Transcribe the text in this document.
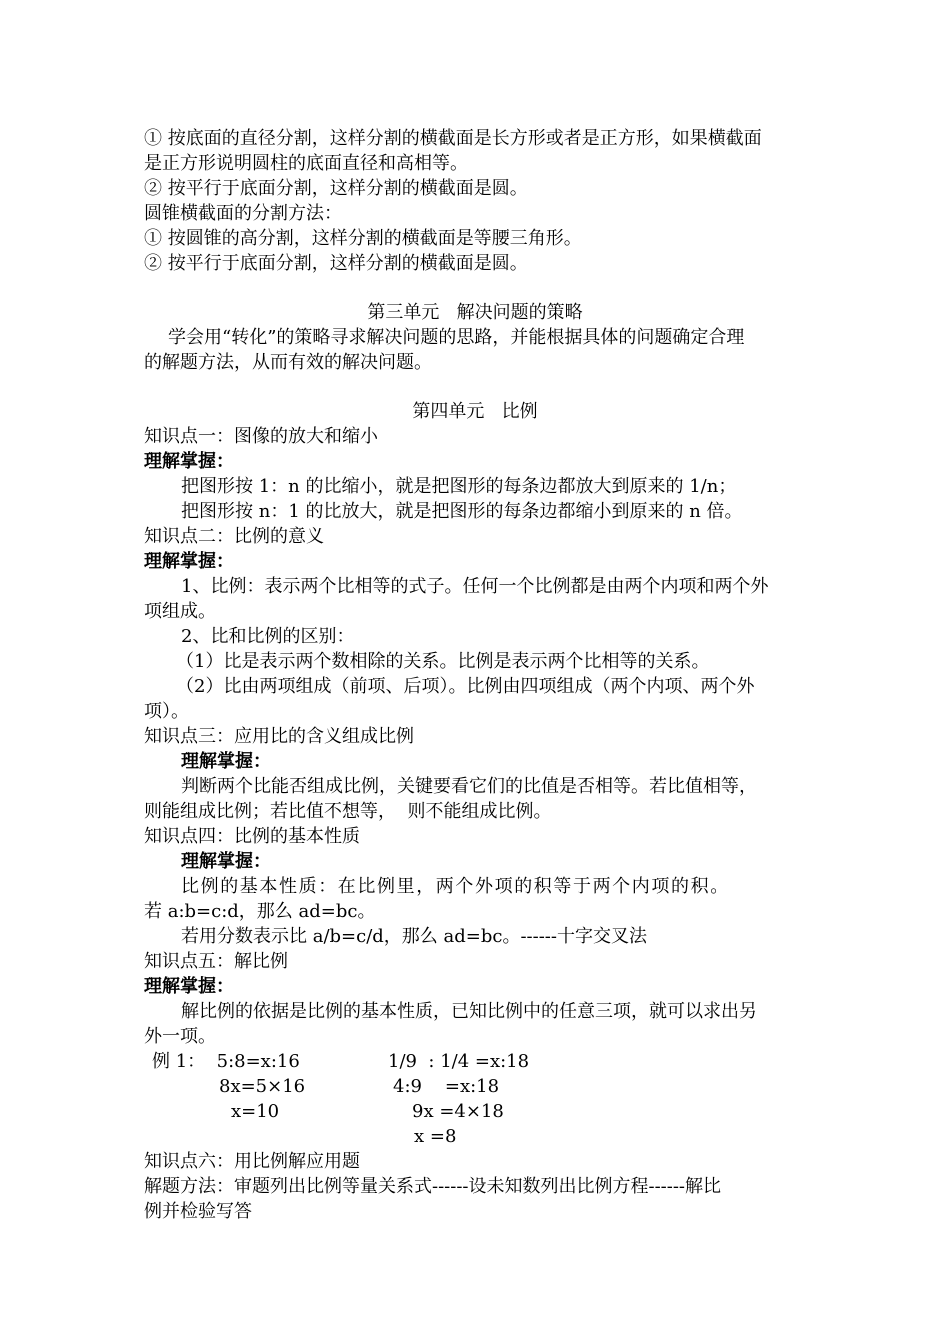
① 按底面的直径分割，这样分割的横截面是长方形或者是正方形，如果横截面
是正方形说明圆柱的底面直径和高相等。
② 按平行于底面分割，这样分割的横截面是圆。
圆锥横截面的分割方法：
① 按圆锥的高分割，这样分割的横截面是等腰三角形。
② 按平行于底面分割，这样分割的横截面是圆。
第三单元   解决问题的策略
学会用“转化”的策略寻求解决问题的思路，并能根据具体的问题确定合理
的解题方法，从而有效的解决问题。
第四单元   比例
知识点一：图像的放大和缩小
理解掌握：
把图形按 1：n 的比缩小，就是把图形的每条边都放大到原来的 1/n；
把图形按 n：1 的比放大，就是把图形的每条边都缩小到原来的 n 倍。
知识点二：比例的意义
理解掌握：
1、比例：表示两个比相等的式子。任何一个比例都是由两个内项和两个外
项组成。
2、比和比例的区别：
（1）比是表示两个数相除的关系。比例是表示两个比相等的关系。
（2）比由两项组成（前项、后项）。比例由四项组成（两个内项、两个外
项）。
知识点三：应用比的含义组成比例
理解掌握：
判断两个比能否组成比例，关键要看它们的比值是否相等。若比值相等，
则能组成比例；若比值不想等，  则不能组成比例。
知识点四：比例的基本性质
理解掌握：
比例的基本性质：在比例里，两个外项的积等于两个内项的积。
若 a:b=c:d，那么 ad=bc。
若用分数表示比 a/b=c/d，那么 ad=bc。------十字交叉法
知识点五：解比例
理解掌握：
解比例的依据是比例的基本性质，已知比例中的任意三项，就可以求出另
外一项。
例 1：  5:8=x:16
8x=5×16
x=10
1/9  : 1/4 =x:18
4:9    =x:18
9x =4×18
x =8
知识点六：用比例解应用题
解题方法：审题列出比例等量关系式------设未知数列出比例方程------解比
例并检验写答
